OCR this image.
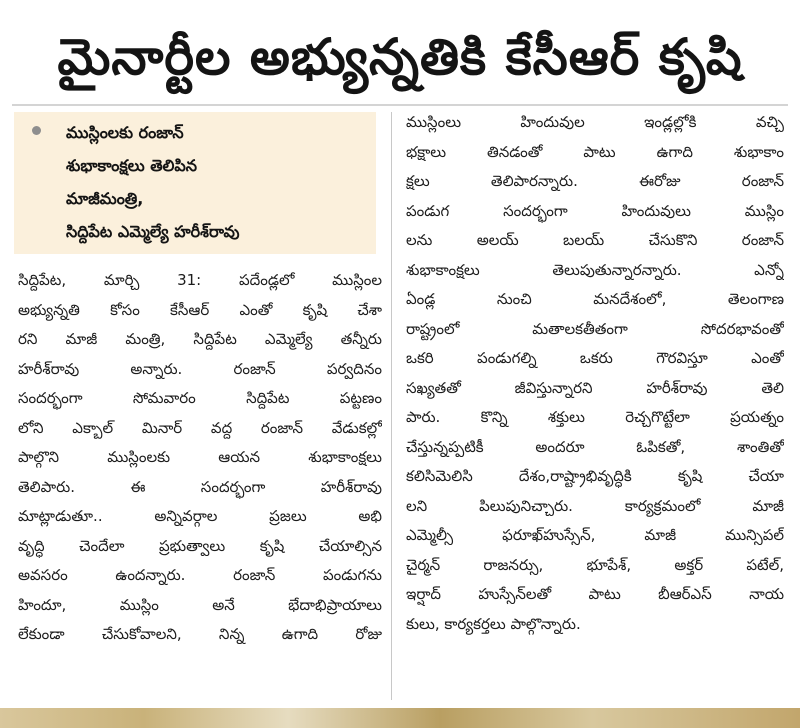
మైనార్టీల అభ్యున్నతికి కేసీఆర్ కృషి
ముస్లింలకు రంజాన్
శుభాకాంక్షలు తెలిపిన
మాజీమంత్రి,
సిద్దిపేట ఎమ్మెల్యే హరీశ్‌రావు
సిద్దిపేట, మార్చి 31: పదేండ్లలో ముస్లింల
అభ్యున్నతి కోసం కేసీఆర్ ఎంతో కృషి చేశా
రని మాజీ మంత్రి, సిద్దిపేట ఎమ్మెల్యే తన్నీరు
హరీశ్‌రావు అన్నారు. రంజాన్ పర్వదినం
సందర్భంగా సోమవారం సిద్దిపేట పట్టణం
లోని ఎక్బాల్ మినార్ వద్ద రంజాన్ వేడుకల్లో
పాల్గొని ముస్లింలకు ఆయన శుభాకాంక్షలు
తెలిపారు. ఈ సందర్భంగా హరీశ్‌రావు
మాట్లాడుతూ.. అన్నివర్గాల ప్రజలు అభి
వృద్ధి చెందేలా ప్రభుత్వాలు కృషి చేయాల్సిన
అవసరం ఉందన్నారు. రంజాన్ పండుగను
హిందూ, ముస్లిం అనే భేదాభిప్రాయాలు
లేకుండా చేసుకోవాలని, నిన్న ఉగాది రోజు
ముస్లింలు హిందువుల ఇండ్లల్లోకి వచ్చి
భక్షాలు తినడంతో పాటు ఉగాది శుభాకాం
క్షలు తెలిపారన్నారు. ఈరోజు రంజాన్
పండుగ సందర్భంగా హిందువులు ముస్లిం
లను అలయ్ బలయ్ చేసుకొని రంజాన్
శుభాకాంక్షలు తెలుపుతున్నారన్నారు. ఎన్నో
ఏండ్ల నుంచి మనదేశంలో, తెలంగాణ
రాష్ట్రంలో మతాలకతీతంగా సోదరభావంతో
ఒకరి పండుగల్ని ఒకరు గౌరవిస్తూ ఎంతో
సఖ్యతతో జీవిస్తున్నారని హరీశ్‌రావు తెలి
పారు. కొన్ని శక్తులు రెచ్చగొట్టేలా ప్రయత్నం
చేస్తున్నప్పటికీ అందరూ ఓపికతో, శాంతితో
కలిసిమెలిసి దేశం,రాష్ట్రాభివృద్ధికి కృషి చేయా
లని పిలుపునిచ్చారు. కార్యక్రమంలో మాజీ
ఎమ్మెల్సీ ఫరూఖ్‌హుస్సేన్, మాజీ మున్సిపల్
చైర్మన్ రాజనర్సు, భూపేశ్, అక్తర్ పటేల్,
ఇర్షాద్ హుస్సేన్‌లతో పాటు బీఆర్ఎస్ నాయ
కులు, కార్యకర్తలు పాల్గొన్నారు.
